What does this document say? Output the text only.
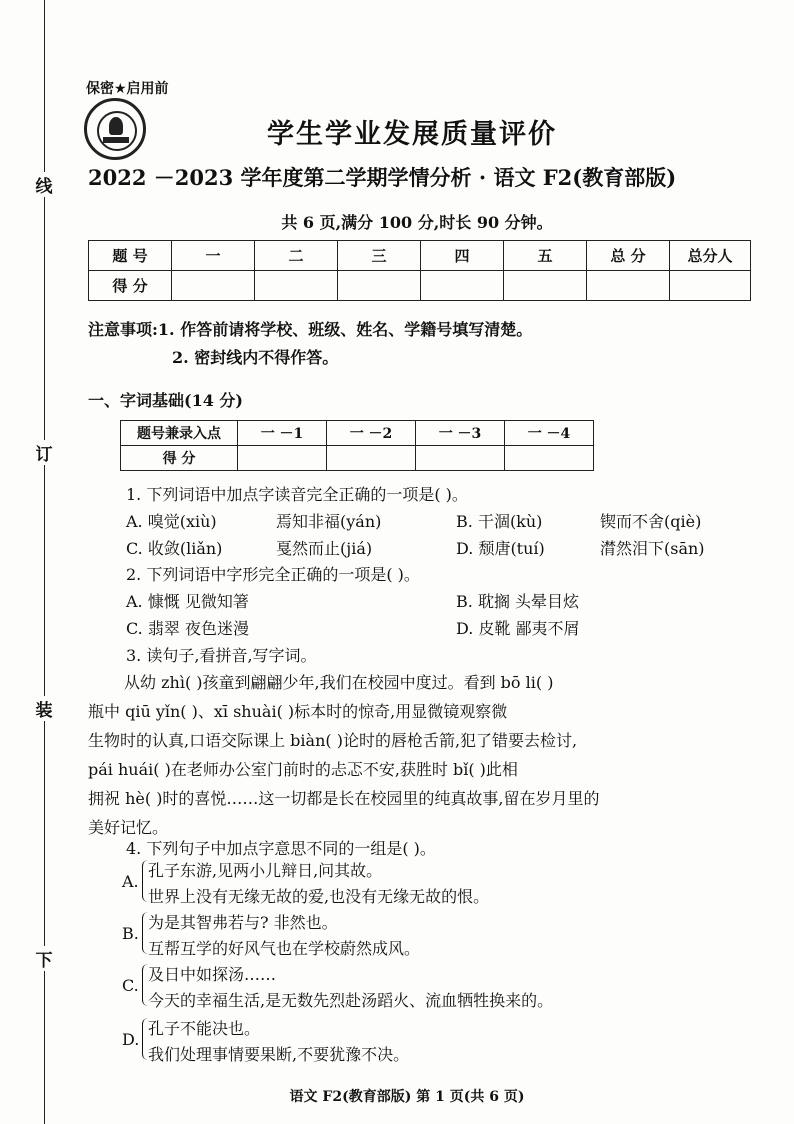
线
订
装
下
保密★启用前
学生学业发展质量评价
2022 －2023 学年度第二学期学情分析 · 语文 F2(教育部版)
共 6 页,满分 100 分,时长 90 分钟。
题 号	一	二	三	四	五	总 分	总分人
得 分							
注意事项:1. 作答前请将学校、班级、姓名、学籍号填写清楚。
2. 密封线内不得作答。
一、字词基础(14 分)
题号兼录入点	一 －1	一 －2	一 －3	一 －4
得 分				
1. 下列词语中加点字读音完全正确的一项是( )。
A. 嗅觉(xiù)	焉知非福(yán)	B. 干涸(kù)	锲而不舍(qiè)
C. 收敛(liǎn)	戛然而止(jiá)	D. 颓唐(tuí)	潸然泪下(sān)
2. 下列词语中字形完全正确的一项是( )。
A. 慷慨 见微知箸	B. 耽搁 头晕目炫
C. 翡翠 夜色迷漫	D. 皮靴 鄙夷不屑
3. 读句子,看拼音,写字词。
从幼 zhì( )孩童到翩翩少年,我们在校园中度过。看到 bō li( )
瓶中 qiū yǐn( )、xī shuài( )标本时的惊奇,用显微镜观察微
生物时的认真,口语交际课上 biàn( )论时的唇枪舌箭,犯了错要去检讨,
pái huái( )在老师办公室门前时的忐忑不安,获胜时 bǐ( )此相
拥祝 hè( )时的喜悦……这一切都是长在校园里的纯真故事,留在岁月里的
美好记忆。
4. 下列句子中加点字意思不同的一组是( )。
A.
孔子东游,见两小儿辩日,问其故。
世界上没有无缘无故的爱,也没有无缘无故的恨。
B.
为是其智弗若与? 非然也。
互帮互学的好风气也在学校蔚然成风。
C.
及日中如探汤……
今天的幸福生活,是无数先烈赴汤蹈火、流血牺牲换来的。
D.
孔子不能决也。
我们处理事情要果断,不要犹豫不决。
语文 F2(教育部版) 第 1 页(共 6 页)
